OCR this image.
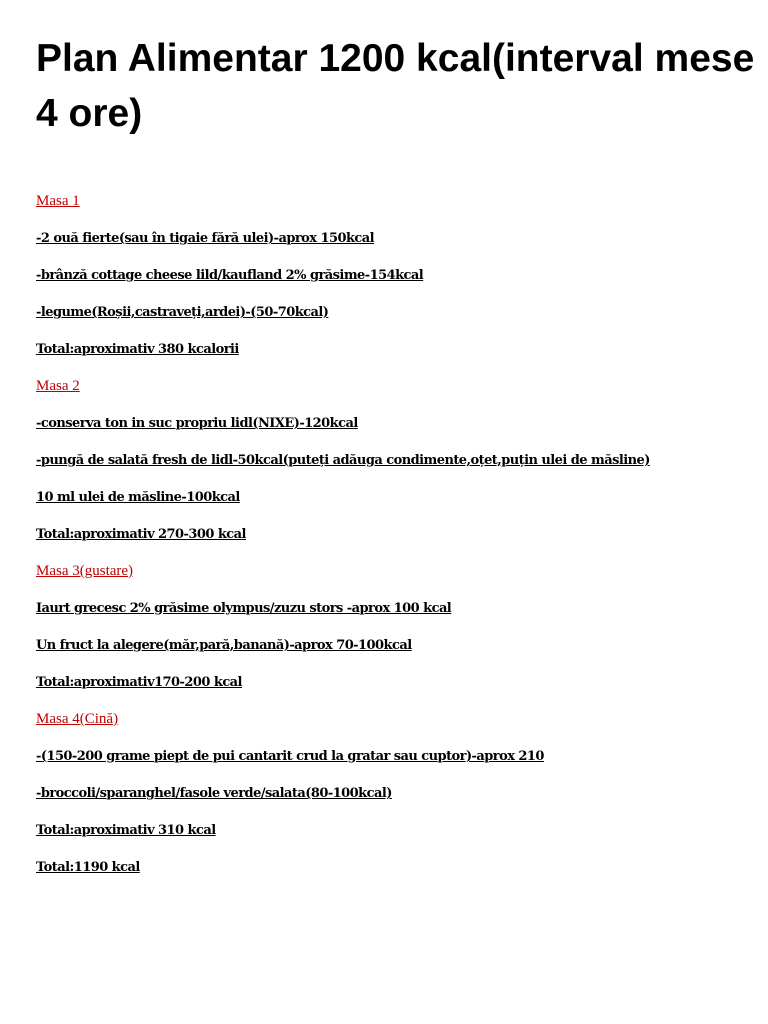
Plan Alimentar 1200 kcal(interval mese 4 ore)

Masa 1

-2 ouă fierte(sau în tigaie fără ulei)-aprox 150kcal

-brânză cottage cheese lild/kaufland 2% grăsime-154kcal

-legume(Roșii,castraveți,ardei)-(50-70kcal)

Total:aproximativ 380 kcalorii

Masa 2

-conserva ton in suc propriu lidl(NIXE)-120kcal

-pungă de salată fresh de lidl-50kcal(puteți adăuga condimente,oțet,puțin ulei de măsline)

10 ml ulei de măsline-100kcal

Total:aproximativ 270-300 kcal

Masa 3(gustare)

Iaurt grecesc 2% grăsime olympus/zuzu stors -aprox 100 kcal

Un fruct la alegere(măr,pară,banană)-aprox 70-100kcal

Total:aproximativ170-200 kcal

Masa 4(Cină)

-(150-200 grame piept de pui cantarit crud la gratar sau cuptor)-aprox 210

-broccoli/sparanghel/fasole verde/salata(80-100kcal)

Total:aproximativ 310 kcal

Total:1190 kcal
